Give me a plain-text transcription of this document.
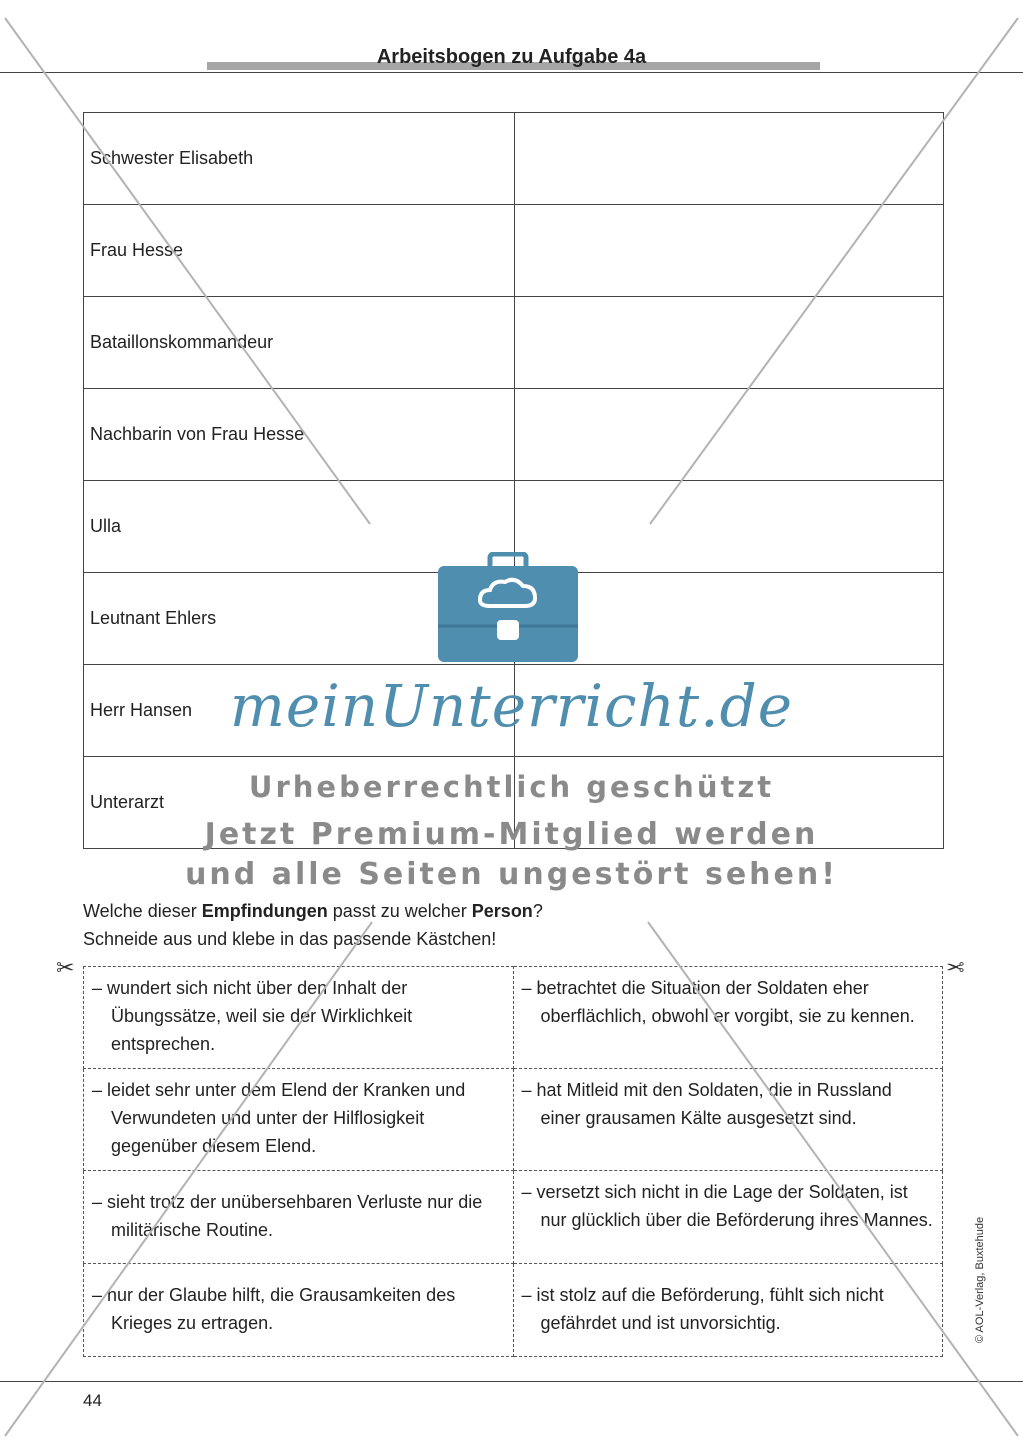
Arbeitsbogen zu Aufgabe 4a
Schwester Elisabeth	
Frau Hesse	
Bataillonskommandeur	
Nachbarin von Frau Hesse	
Ulla	
Leutnant Ehlers	
Herr Hansen	
Unterarzt	
Welche dieser Empfindungen passt zu welcher Person?
Schneide aus und klebe in das passende Kästchen!
✂	✂
– wundert sich nicht über den Inhalt der Übungssätze, weil sie der Wirklichkeit entsprechen.	– betrachtet die Situation der Soldaten eher oberflächlich, obwohl er vorgibt, sie zu kennen.

– leidet sehr unter dem Elend der Kranken und Verwundeten und unter der Hilflosigkeit gegenüber diesem Elend.	– hat Mitleid mit den Soldaten, die in Russland einer grausamen Kälte ausgesetzt sind.

– sieht trotz der unübersehbaren Verluste nur die militärische Routine.	– versetzt sich nicht in die Lage der Soldaten, ist nur glücklich über die Beförderung ihres Mannes.

– nur der Glaube hilft, die Grausamkeiten des Krieges zu ertragen.	– ist stolz auf die Beförderung, fühlt sich nicht gefährdet und ist unvorsichtig.	© AOL-Verlag, Buxtehude
44
meinUnterricht.de
Urheberrechtlich geschützt
Jetzt Premium-Mitglied werden
und alle Seiten ungestört sehen!
